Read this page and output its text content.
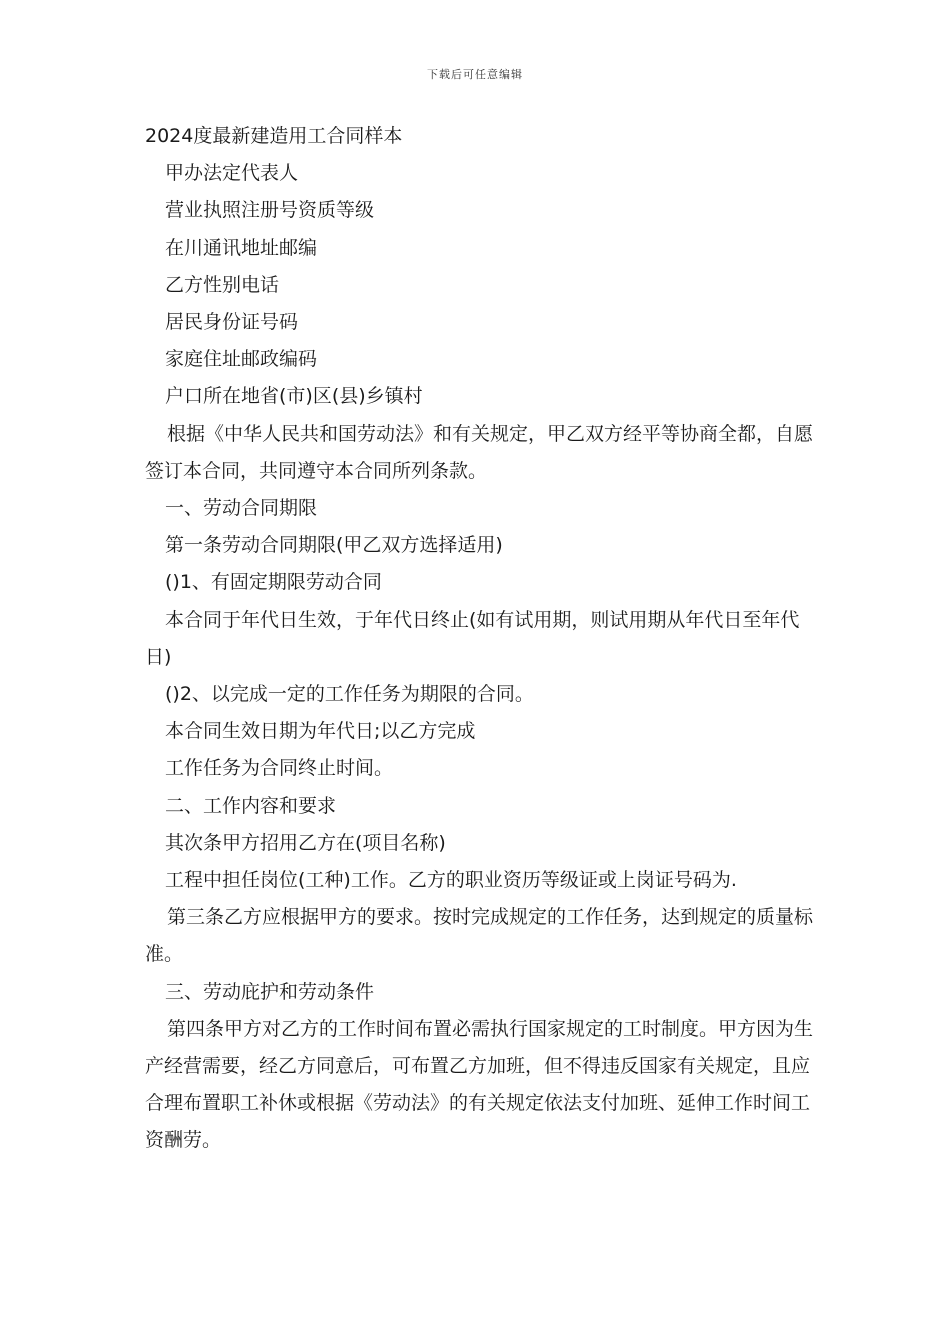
下载后可任意编辑

2024度最新建造用工合同样本

甲办法定代表人

营业执照注册号资质等级

在川通讯地址邮编

乙方性别电话

居民身份证号码

家庭住址邮政编码

户口所在地省(市)区(县)乡镇村

根据《中华人民共和国劳动法》和有关规定，甲乙双方经平等协商全都，自愿签订本合同，共同遵守本合同所列条款。

一、劳动合同期限

第一条劳动合同期限(甲乙双方选择适用)

()1、有固定期限劳动合同

本合同于年代日生效，于年代日终止(如有试用期，则试用期从年代日至年代日)

()2、以完成一定的工作任务为期限的合同。

本合同生效日期为年代日;以乙方完成

工作任务为合同终止时间。

二、工作内容和要求

其次条甲方招用乙方在(项目名称)

工程中担任岗位(工种)工作。乙方的职业资历等级证或上岗证号码为.

第三条乙方应根据甲方的要求。按时完成规定的工作任务，达到规定的质量标准。

三、劳动庇护和劳动条件

第四条甲方对乙方的工作时间布置必需执行国家规定的工时制度。甲方因为生产经营需要，经乙方同意后，可布置乙方加班，但不得违反国家有关规定，且应合理布置职工补休或根据《劳动法》的有关规定依法支付加班、延伸工作时间工资酬劳。
